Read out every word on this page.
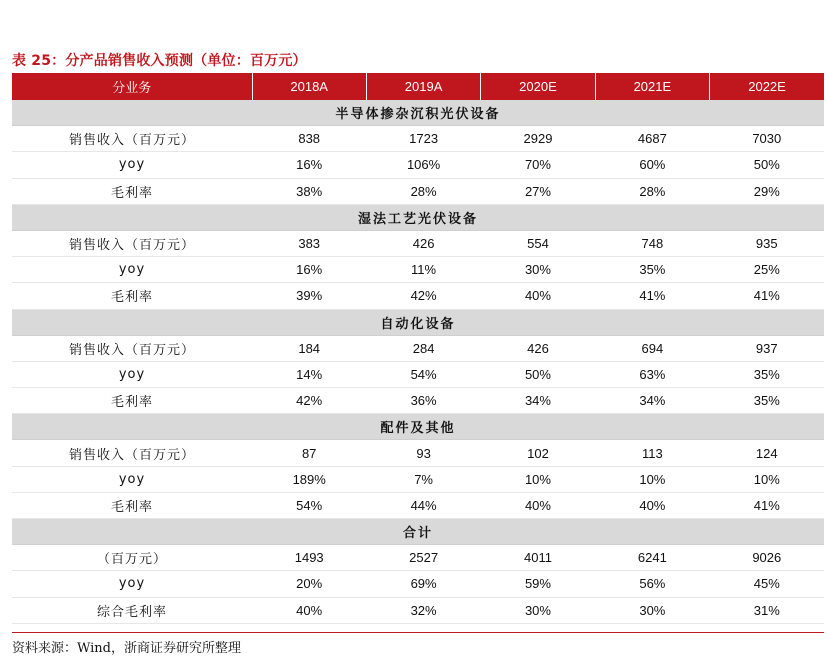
表 25：分产品销售收入预测（单位：百万元）
分业务	2018A	2019A	2020E	2021E	2022E
半导体掺杂沉积光伏设备					
销售收入（百万元）	838	1723	2929	4687	7030
yoy	16%	106%	70%	60%	50%
毛利率	38%	28%	27%	28%	29%
湿法工艺光伏设备					
销售收入（百万元）	383	426	554	748	935
yoy	16%	11%	30%	35%	25%
毛利率	39%	42%	40%	41%	41%
自动化设备					
销售收入（百万元）	184	284	426	694	937
yoy	14%	54%	50%	63%	35%
毛利率	42%	36%	34%	34%	35%
配件及其他					
销售收入（百万元）	87	93	102	113	124
yoy	189%	7%	10%	10%	10%
毛利率	54%	44%	40%	40%	41%
合计					
（百万元）	1493	2527	4011	6241	9026
yoy	20%	69%	59%	56%	45%
综合毛利率	40%	32%	30%	30%	31%
资料来源：Wind，浙商证券研究所整理
